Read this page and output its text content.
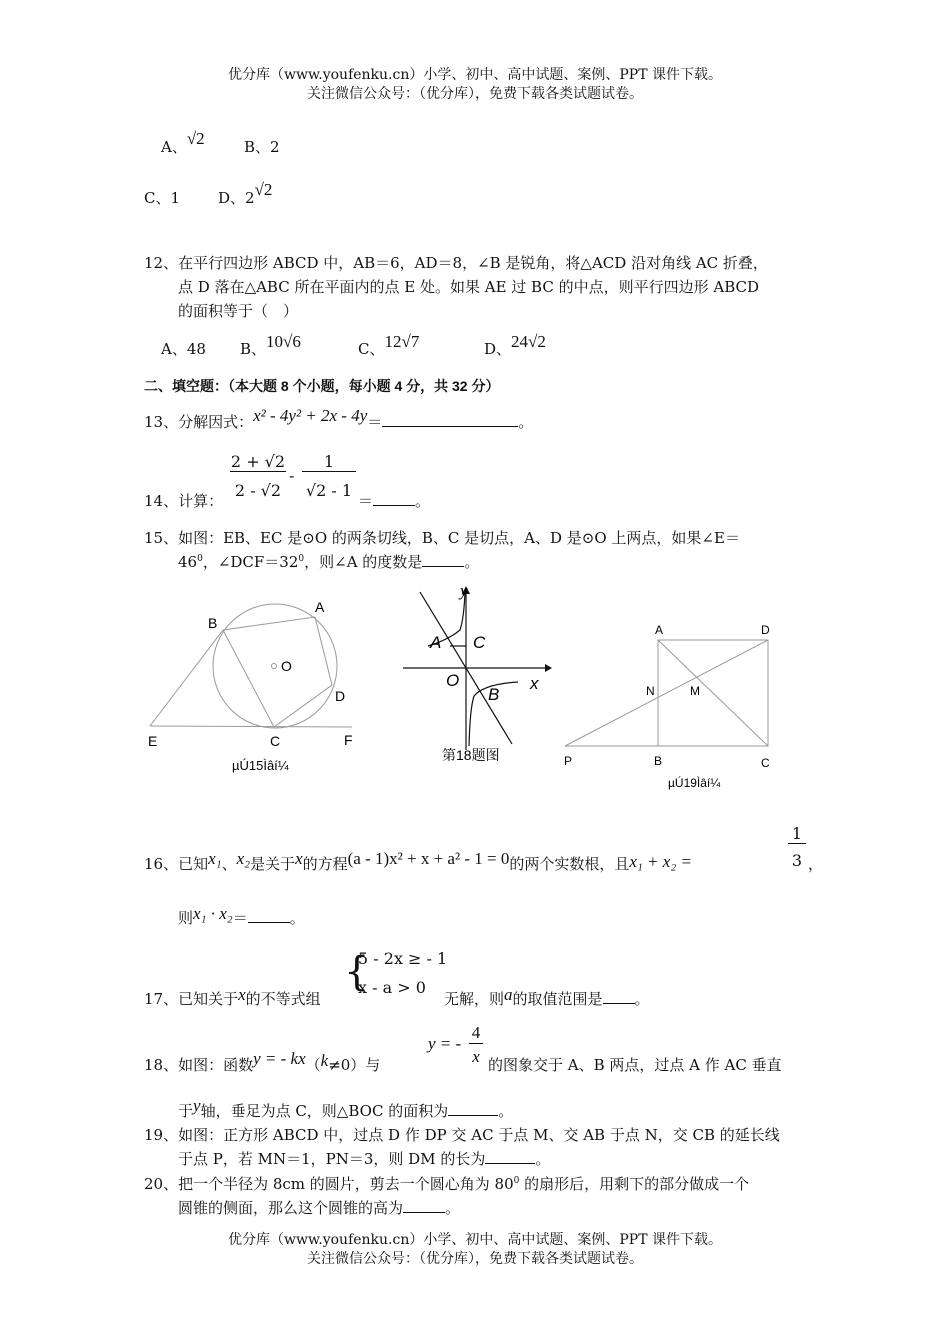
优分库（www.youfenku.cn）小学、初中、高中试题、案例、PPT 课件下载。
关注微信公众号：（优分库），免费下载各类试题试卷。
A、√2	B、2
C、1	D、2√2
12、在平行四边形 ABCD 中，AB＝6，AD＝8，∠B 是锐角，将△ACD 沿对角线 AC 折叠，
点 D 落在△ABC 所在平面内的点 E 处。如果 AE 过 BC 的中点，则平行四边形 ABCD
的面积等于（　）
A、48 B、10√6	C、12√7	D、24√2
二、填空题：（本大题 8 个小题，每小题 4 分，共 32 分）
13、分解因式：x² - 4y² + 2x - 4y＝	。
14、计算：
2 + √2
2 - √2
-
1
√2 - 1
＝	。
15、如图：EB、EC 是⊙O 的两条切线，B、C 是切点，A、D 是⊙O 上两点，如果∠E＝
$46^0$，$\angle DCF=32^0$，则∠A 的度数是	。
B
A
O
D
E	C	F
µÚ15Ìâí¼
y
A C
O	x
B
第18题图
A	D
N	M
P	B	C
µÚ19Ìâí¼
16、已知x₁、x₂是关于x的方程(a - 1)x² + x + a² - 1 = 0的两个实数根，且x₁ + x₂ =
1
3 ，
则x₁ · x₂＝	。
17、已知关于x的不等式组
{
5 - 2x ≥ - 1
x - a > 0
无解，则a的取值范围是 。
18、如图：函数y = - kx（k≠0）与
y = -
4
x 的图象交于 A、B 两点，过点 A 作 AC 垂直
于y轴，垂足为点 C，则△BOC 的面积为	。
19、如图：正方形 ABCD 中，过点 D 作 DP 交 AC 于点 M、交 AB 于点 N，交 CB 的延长线
于点 P，若 MN＝1，PN＝3，则 DM 的长为	。
20、把一个半径为 8cm 的圆片，剪去一个圆心角为 $80^0$ 的扇形后，用剩下的部分做成一个
圆锥的侧面，那么这个圆锥的高为	。
优分库（www.youfenku.cn）小学、初中、高中试题、案例、PPT 课件下载。
关注微信公众号：（优分库），免费下载各类试题试卷。
